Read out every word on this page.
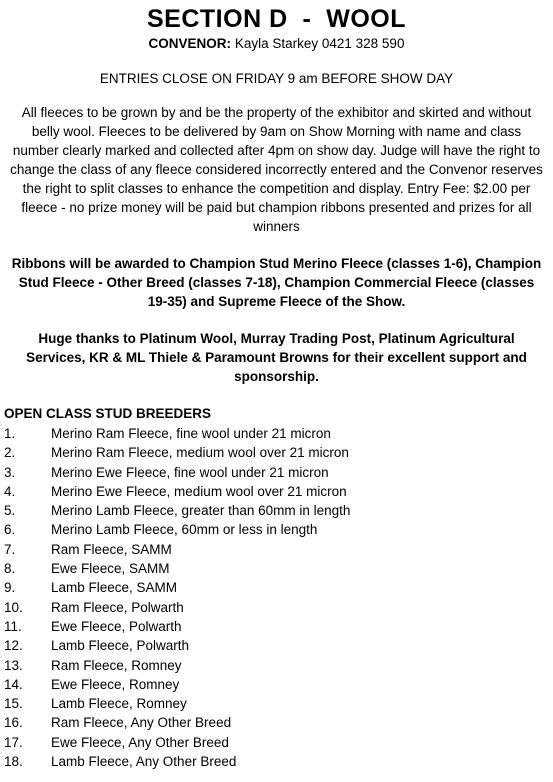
SECTION D  -  WOOL
CONVENOR: Kayla Starkey 0421 328 590
ENTRIES CLOSE ON FRIDAY 9 am BEFORE SHOW DAY
All fleeces to be grown by and be the property of the exhibitor and skirted and without belly wool. Fleeces to be delivered by 9am on Show Morning with name and class number clearly marked and collected after 4pm on show day. Judge will have the right to change the class of any fleece considered incorrectly entered and the Convenor reserves the right to split classes to enhance the competition and display. Entry Fee: $2.00 per fleece - no prize money will be paid but champion ribbons presented and prizes for all winners
Ribbons will be awarded to Champion Stud Merino Fleece (classes 1-6), Champion Stud Fleece - Other Breed (classes 7-18), Champion Commercial Fleece (classes 19-35) and Supreme Fleece of the Show.
Huge thanks to Platinum Wool, Murray Trading Post, Platinum Agricultural Services, KR & ML Thiele & Paramount Browns for their excellent support and sponsorship.
OPEN CLASS STUD BREEDERS
1.	Merino Ram Fleece, fine wool under 21 micron
2.	Merino Ram Fleece, medium wool over 21 micron
3.	Merino Ewe Fleece, fine wool under 21 micron
4.	Merino Ewe Fleece, medium wool over 21 micron
5.	Merino Lamb Fleece, greater than 60mm in length
6.	Merino Lamb Fleece, 60mm or less in length
7.	Ram Fleece, SAMM
8.	Ewe Fleece, SAMM
9.	Lamb Fleece, SAMM
10.	Ram Fleece, Polwarth
11.	Ewe Fleece, Polwarth
12.	Lamb Fleece, Polwarth
13.	Ram Fleece, Romney
14.	Ewe Fleece, Romney
15.	Lamb Fleece, Romney
16.	Ram Fleece, Any Other Breed
17.	Ewe Fleece, Any Other Breed
18.	Lamb Fleece, Any Other Breed
